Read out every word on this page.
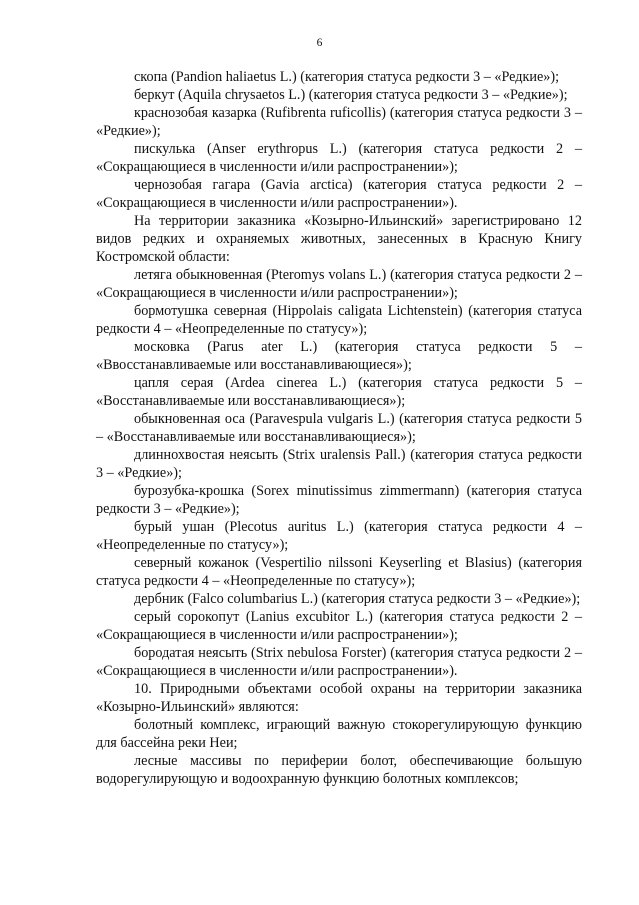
6

скопа (Pandion haliaetus L.) (категория статуса редкости 3 – «Редкие»);

беркут (Aquila chrysaetos L.) (категория статуса редкости 3 – «Редкие»);

краснозобая казарка (Rufibrenta ruficollis) (категория статуса редкости 3 – «Редкие»);

пискулька (Anser erythropus L.) (категория статуса редкости 2 – «Сокращающиеся в численности и/или распространении»);

чернозобая гагара (Gavia arctica) (категория статуса редкости 2 – «Сокращающиеся в численности и/или распространении»).

На территории заказника «Козырно-Ильинский» зарегистрировано 12 видов редких и охраняемых животных, занесенных в Красную Книгу Костромской области:

летяга обыкновенная (Pteromys volans L.) (категория статуса редкости 2 – «Сокращающиеся в численности и/или распространении»);

бормотушка северная (Hippolais caligata Lichtenstein) (категория статуса редкости 4 – «Неопределенные по статусу»);

московка (Parus ater L.) (категория статуса редкости 5 – «Ввосстанавливаемые или восстанавливающиеся»);

цапля серая (Ardea cinerea L.) (категория статуса редкости 5 – «Восстанавливаемые или восстанавливающиеся»);

обыкновенная оса (Paravespula vulgaris L.) (категория статуса редкости 5 – «Восстанавливаемые или восстанавливающиеся»);

длиннохвостая неясыть (Strix uralensis Pall.) (категория статуса редкости 3 – «Редкие»);

бурозубка-крошка (Sorex minutissimus zimmermann) (категория статуса редкости 3 – «Редкие»);

бурый ушан (Plecotus auritus L.) (категория статуса редкости 4 – «Неопределенные по статусу»);

северный кожанок (Vespertilio nilssoni Keyserling et Blasius) (категория статуса редкости 4 – «Неопределенные по статусу»);

дербник (Falco columbarius L.) (категория статуса редкости 3 – «Редкие»);

серый сорокопут (Lanius excubitor L.) (категория статуса редкости 2 – «Сокращающиеся в численности и/или распространении»);

бородатая неясыть (Strix nebulosa Forster) (категория статуса редкости 2 – «Сокращающиеся в численности и/или распространении»).

10. Природными объектами особой охраны на территории заказника «Козырно-Ильинский» являются:

болотный комплекс, играющий важную стокорегулирующую функцию для бассейна реки Неи;

лесные массивы по периферии болот, обеспечивающие большую водорегулирующую и водоохранную функцию болотных комплексов;
